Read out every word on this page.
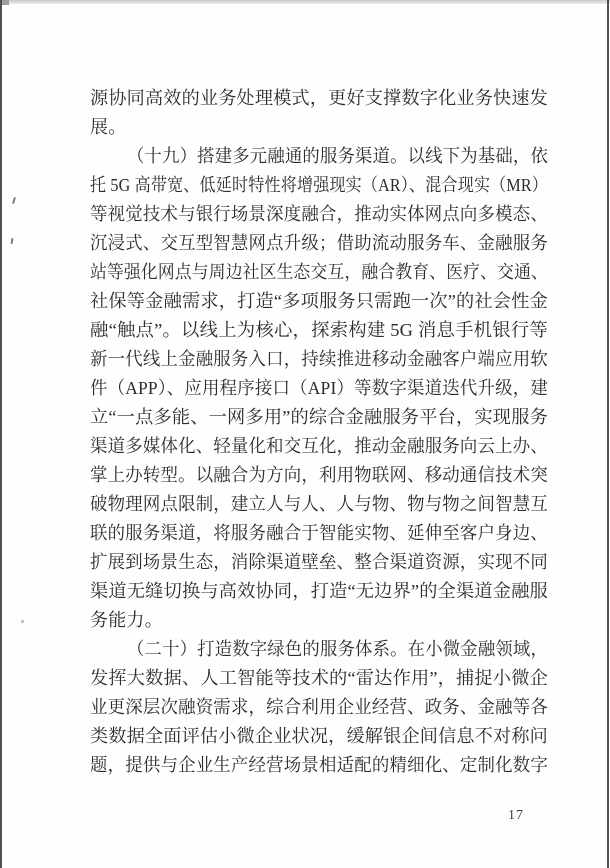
源协同高效的业务处理模式，更好支撑数字化业务快速发
展。
（十九）搭建多元融通的服务渠道。以线下为基础，依
托 5G 高带宽、低延时特性将增强现实（AR）、混合现实（MR）
等视觉技术与银行场景深度融合，推动实体网点向多模态、
沉浸式、交互型智慧网点升级；借助流动服务车、金融服务
站等强化网点与周边社区生态交互，融合教育、医疗、交通、
社保等金融需求，打造“多项服务只需跑一次”的社会性金
融“触点”。以线上为核心，探索构建 5G 消息手机银行等
新一代线上金融服务入口，持续推进移动金融客户端应用软
件（APP）、应用程序接口（API）等数字渠道迭代升级，建
立“一点多能、一网多用”的综合金融服务平台，实现服务
渠道多媒体化、轻量化和交互化，推动金融服务向云上办、
掌上办转型。以融合为方向，利用物联网、移动通信技术突
破物理网点限制，建立人与人、人与物、物与物之间智慧互
联的服务渠道，将服务融合于智能实物、延伸至客户身边、
扩展到场景生态，消除渠道壁垒、整合渠道资源，实现不同
渠道无缝切换与高效协同，打造“无边界”的全渠道金融服
务能力。
（二十）打造数字绿色的服务体系。在小微金融领域，
发挥大数据、人工智能等技术的“雷达作用”，捕捉小微企
业更深层次融资需求，综合利用企业经营、政务、金融等各
类数据全面评估小微企业状况，缓解银企间信息不对称问
题，提供与企业生产经营场景相适配的精细化、定制化数字
17
